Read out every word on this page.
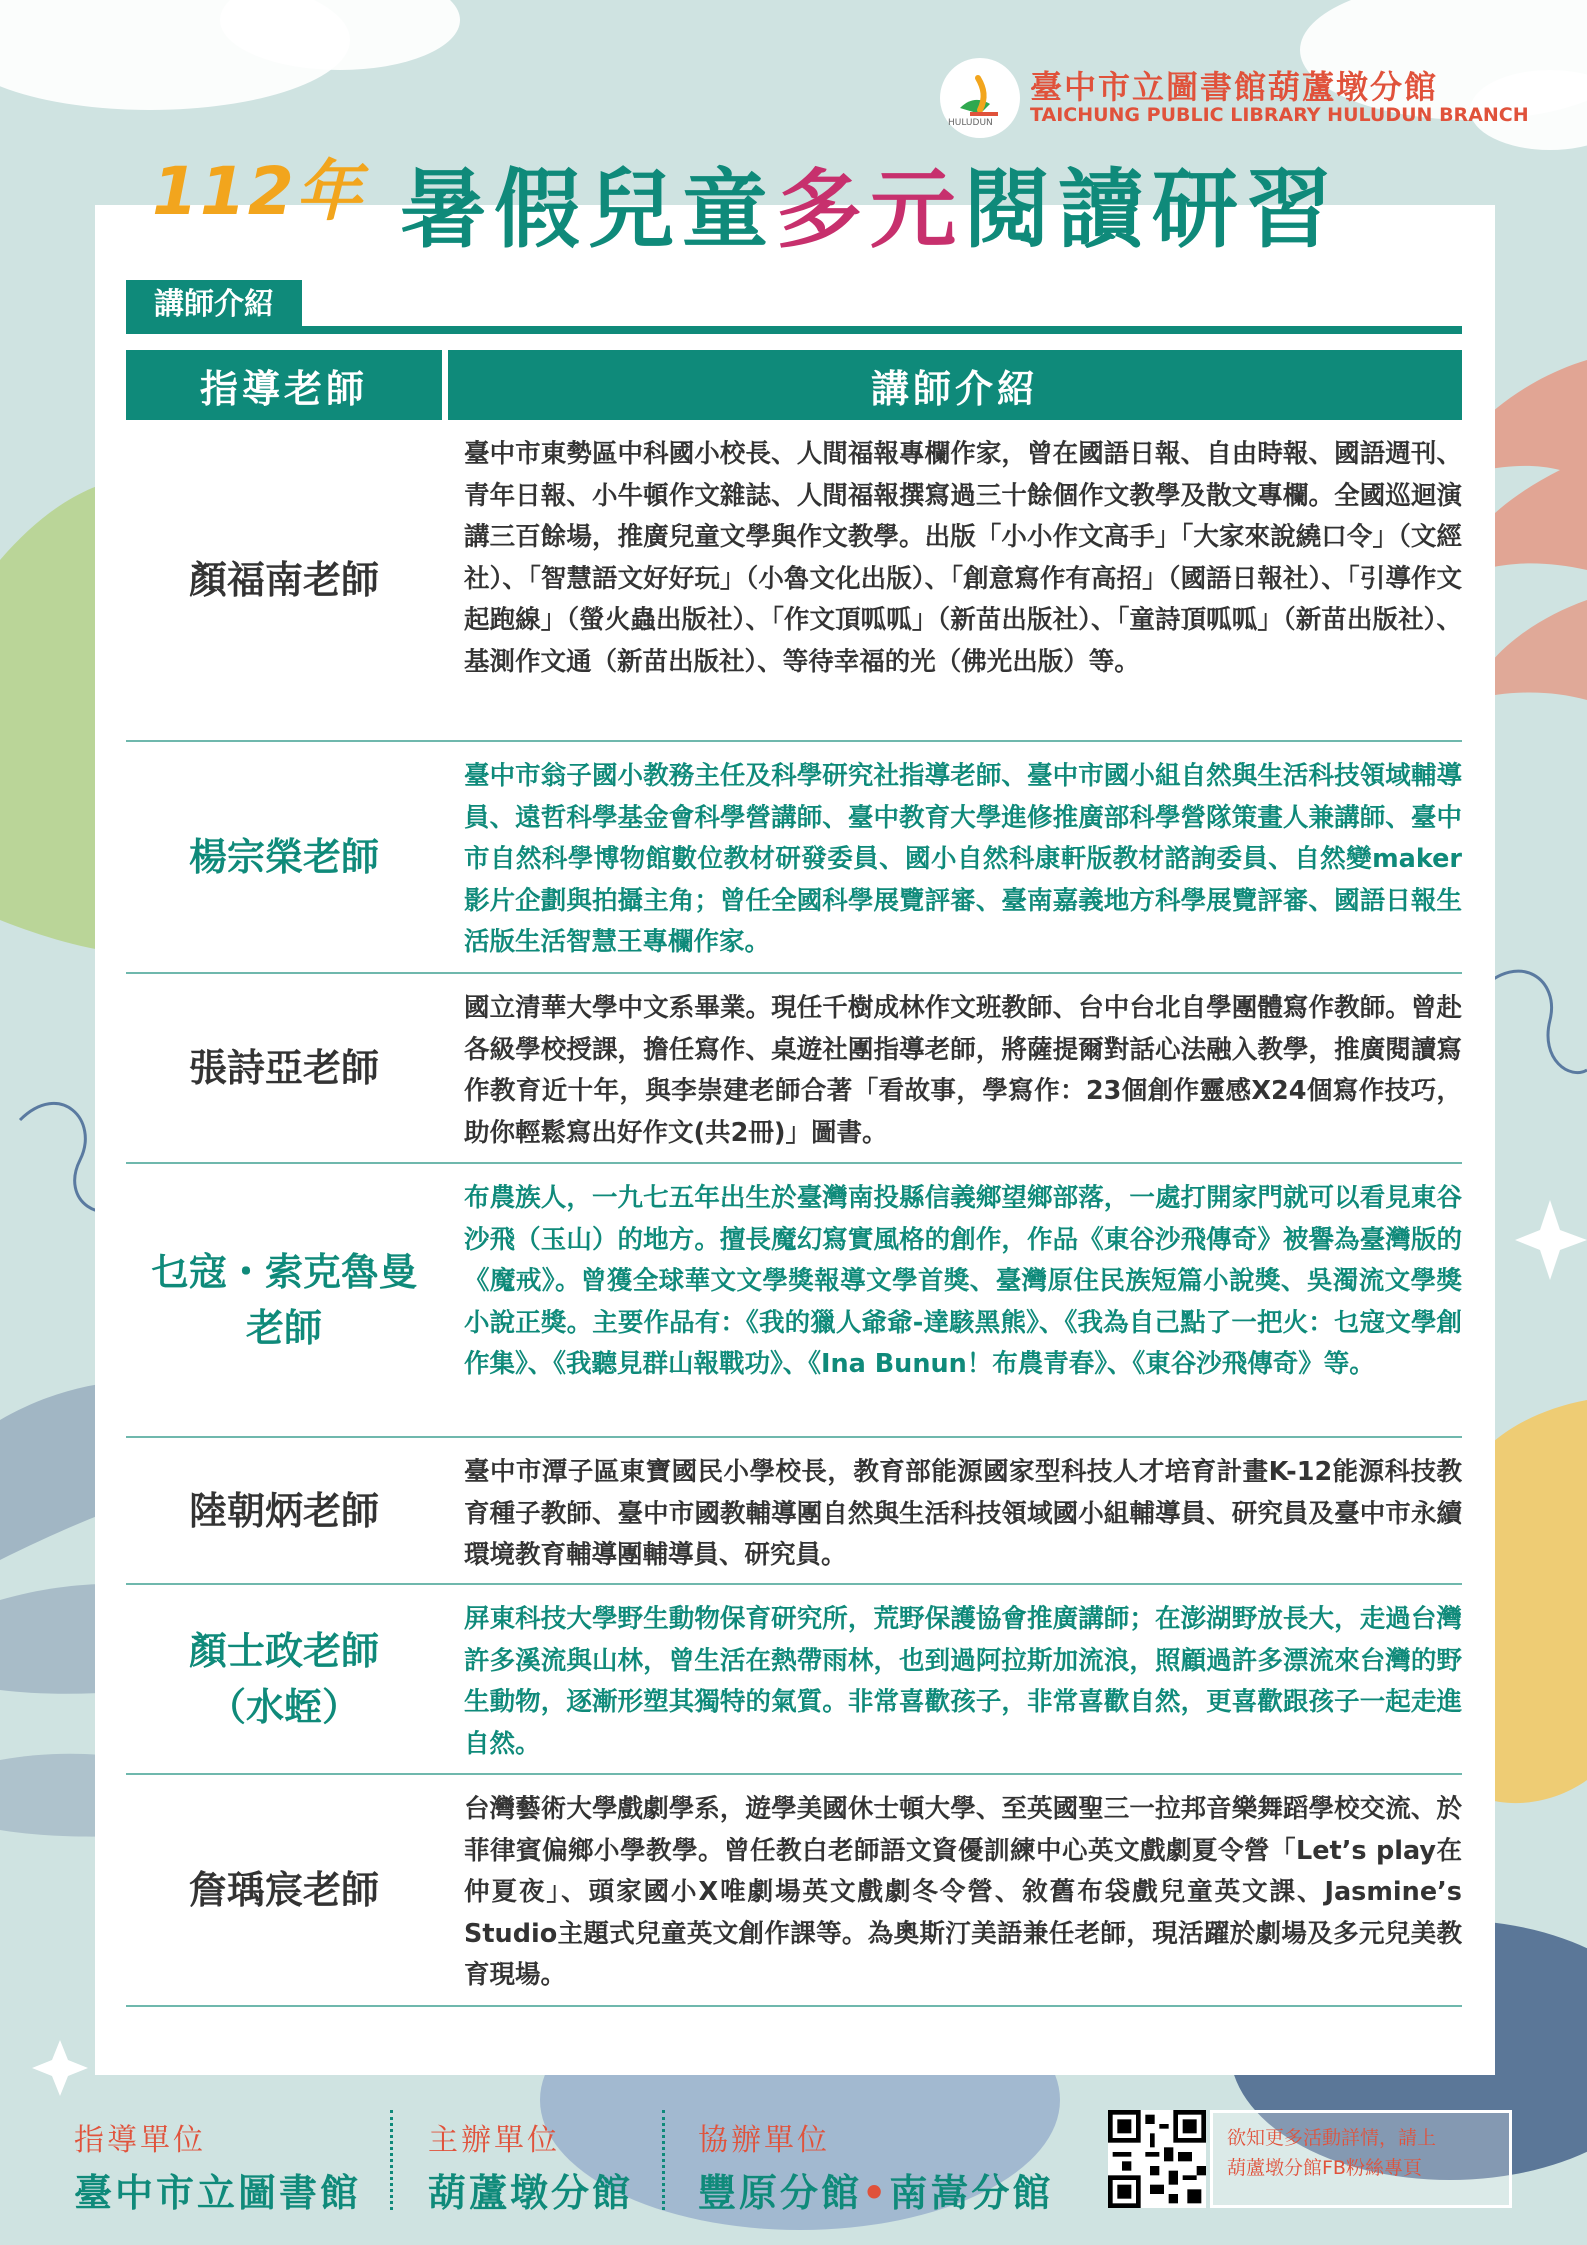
HULUDUN
臺中市立圖書館葫蘆墩分館
TAICHUNG PUBLIC LIBRARY HULUDUN BRANCH
112年 暑假兒童多元閱讀研習
講師介紹
指導老師	講師介紹
顏福南老師
臺中市東勢區中科國小校長、人間福報專欄作家，曾在國語日報、自由時報、國語週刊、青年日報、小牛頓作文雜誌、人間福報撰寫過三十餘個作文教學及散文專欄。全國巡迴演講三百餘場，推廣兒童文學與作文教學。出版「小小作文高手」「大家來說繞口令」（文經社）、「智慧語文好好玩」（小魯文化出版）、「創意寫作有高招」（國語日報社）、「引導作文起跑線」（螢火蟲出版社）、「作文頂呱呱」（新苗出版社）、「童詩頂呱呱」（新苗出版社）、基測作文通（新苗出版社）、等待幸福的光（佛光出版）等。
楊宗榮老師
臺中市翁子國小教務主任及科學研究社指導老師、臺中市國小組自然與生活科技領域輔導員、遠哲科學基金會科學營講師、臺中教育大學進修推廣部科學營隊策畫人兼講師、臺中市自然科學博物館數位教材研發委員、國小自然科康軒版教材諮詢委員、自然變maker影片企劃與拍攝主角；曾任全國科學展覽評審、臺南嘉義地方科學展覽評審、國語日報生活版生活智慧王專欄作家。
張詩亞老師
國立清華大學中文系畢業。現任千樹成林作文班教師、台中台北自學團體寫作教師。曾赴各級學校授課，擔任寫作、桌遊社團指導老師，將薩提爾對話心法融入教學，推廣閱讀寫作教育近十年，與李崇建老師合著「看故事，學寫作：23個創作靈感X24個寫作技巧，助你輕鬆寫出好作文(共2冊)」圖書。
乜寇・索克魯曼
老師
布農族人，一九七五年出生於臺灣南投縣信義鄉望鄉部落，一處打開家門就可以看見東谷沙飛（玉山）的地方。擅長魔幻寫實風格的創作，作品《東谷沙飛傳奇》被譽為臺灣版的《魔戒》。曾獲全球華文文學獎報導文學首獎、臺灣原住民族短篇小說獎、吳濁流文學獎小說正獎。主要作品有：《我的獵人爺爺-達駭黑熊》、《我為自己點了一把火：乜寇文學創作集》、《我聽見群山報戰功》、《Ina Bunun！布農青春》、《東谷沙飛傳奇》等。
陸朝炳老師
臺中市潭子區東寶國民小學校長，教育部能源國家型科技人才培育計畫K-12能源科技教育種子教師、臺中市國教輔導團自然與生活科技領域國小組輔導員、研究員及臺中市永續環境教育輔導團輔導員、研究員。
顏士政老師
（水蛭）
屏東科技大學野生動物保育研究所，荒野保護協會推廣講師；在澎湖野放長大，走過台灣許多溪流與山林，曾生活在熱帶雨林，也到過阿拉斯加流浪，照顧過許多漂流來台灣的野生動物，逐漸形塑其獨特的氣質。非常喜歡孩子，非常喜歡自然，更喜歡跟孩子一起走進自然。
詹瑀宸老師
台灣藝術大學戲劇學系，遊學美國休士頓大學、至英國聖三一拉邦音樂舞蹈學校交流、於菲律賓偏鄉小學教學。曾任教白老師語文資優訓練中心英文戲劇夏令營「Let’s play在仲夏夜」、頭家國小X唯劇場英文戲劇冬令營、敘舊布袋戲兒童英文課、Jasmine’s Studio主題式兒童英文創作課等。為奧斯汀美語兼任老師，現活躍於劇場及多元兒美教育現場。
指導單位
臺中市立圖書館
主辦單位
葫蘆墩分館
協辦單位
豐原分館•南嵩分館
欲知更多活動詳情，請上
葫蘆墩分館FB粉絲專頁
